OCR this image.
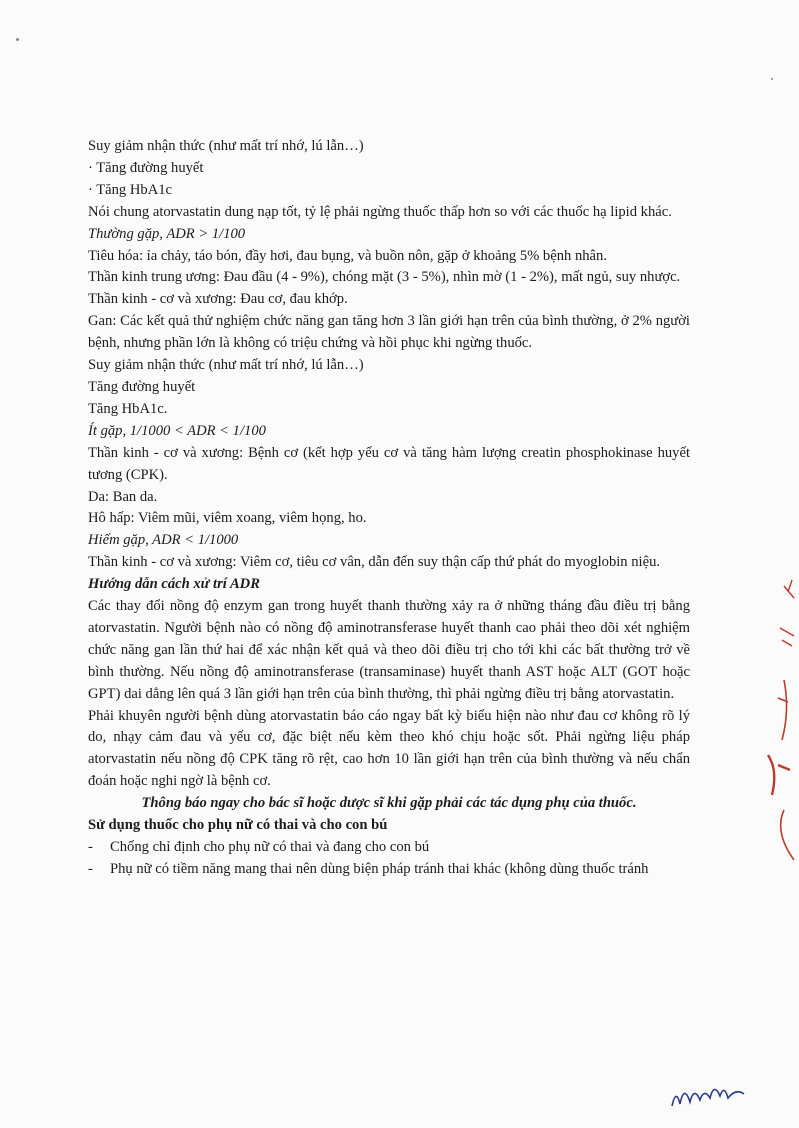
Suy giảm nhận thức (như mất trí nhớ, lú lẫn…)
· Tăng đường huyết
· Tăng HbA1c
Nói chung atorvastatin dung nạp tốt, tỷ lệ phải ngừng thuốc thấp hơn so với các thuốc hạ lipid khác.
Thường gặp, ADR > 1/100
Tiêu hóa: ỉa chảy, táo bón, đầy hơi, đau bụng, và buồn nôn, gặp ở khoảng 5% bệnh nhân.
Thần kinh trung ương: Đau đầu (4 - 9%), chóng mặt (3 - 5%), nhìn mờ (1 - 2%), mất ngủ, suy nhược.
Thần kinh - cơ và xương: Đau cơ, đau khớp.
Gan: Các kết quả thử nghiệm chức năng gan tăng hơn 3 lần giới hạn trên của bình thường, ở 2% người bệnh, nhưng phần lớn là không có triệu chứng và hồi phục khi ngừng thuốc.
Suy giảm nhận thức (như mất trí nhớ, lú lẫn…)
Tăng đường huyết
Tăng HbA1c.
Ít gặp, 1/1000 < ADR < 1/100
Thần kinh - cơ và xương: Bệnh cơ (kết hợp yếu cơ và tăng hàm lượng creatin phosphokinase huyết tương (CPK).
Da: Ban da.
Hô hấp: Viêm mũi, viêm xoang, viêm họng, ho.
Hiếm gặp, ADR < 1/1000
Thần kinh - cơ và xương: Viêm cơ, tiêu cơ vân, dẫn đến suy thận cấp thứ phát do myoglobin niệu.
Hướng dẫn cách xử trí ADR
Các thay đổi nồng độ enzym gan trong huyết thanh thường xảy ra ở những tháng đầu điều trị bằng atorvastatin. Người bệnh nào có nồng độ aminotransferase huyết thanh cao phải theo dõi xét nghiệm chức năng gan lần thứ hai để xác nhận kết quả và theo dõi điều trị cho tới khi các bất thường trở về bình thường. Nếu nồng độ aminotransferase (transaminase) huyết thanh AST hoặc ALT (GOT hoặc GPT) dai dẳng lên quá 3 lần giới hạn trên của bình thường, thì phải ngừng điều trị bằng atorvastatin.
Phải khuyên người bệnh dùng atorvastatin báo cáo ngay bất kỳ biểu hiện nào như đau cơ không rõ lý do, nhạy cảm đau và yếu cơ, đặc biệt nếu kèm theo khó chịu hoặc sốt. Phải ngừng liệu pháp atorvastatin nếu nồng độ CPK tăng rõ rệt, cao hơn 10 lần giới hạn trên của bình thường và nếu chẩn đoán hoặc nghi ngờ là bệnh cơ.
Thông báo ngay cho bác sĩ hoặc dược sĩ khi gặp phải các tác dụng phụ của thuốc.
Sử dụng thuốc cho phụ nữ có thai và cho con bú
- Chống chỉ định cho phụ nữ có thai và đang cho con bú
- Phụ nữ có tiềm năng mang thai nên dùng biện pháp tránh thai khác (không dùng thuốc tránh
